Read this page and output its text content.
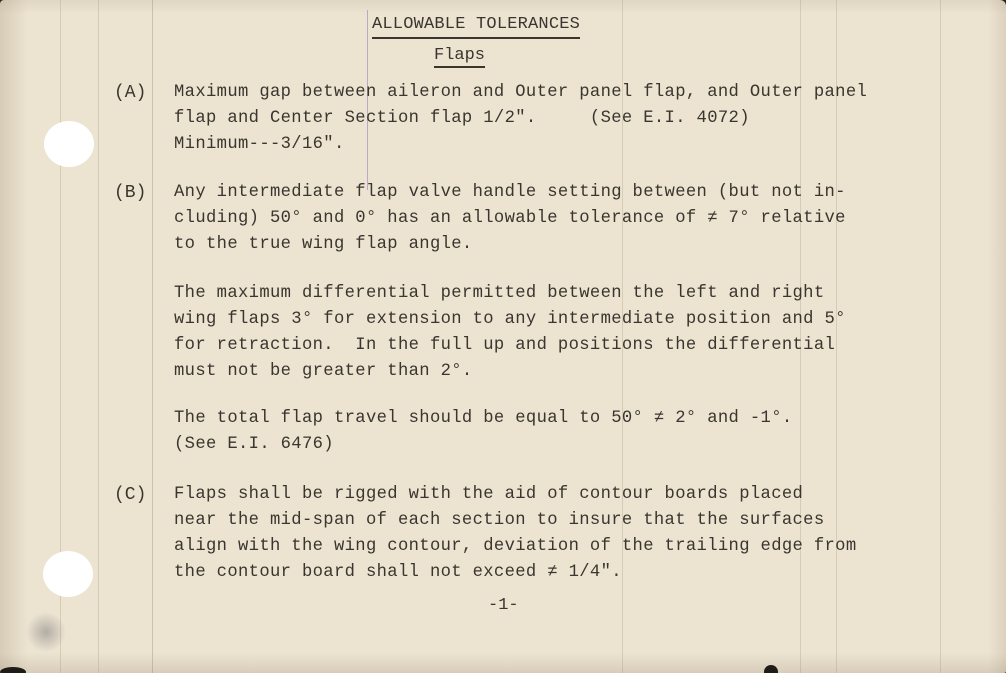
ALLOWABLE TOLERANCES
Flaps
(A) Maximum gap between aileron and Outer panel flap, and Outer panel
flap and Center Section flap 1/2".     (See E.I. 4072)
Minimum---3/16".
(B) Any intermediate flap valve handle setting between (but not in-
cluding) 50° and 0° has an allowable tolerance of ≠ 7° relative
to the true wing flap angle.
The maximum differential permitted between the left and right
wing flaps 3° for extension to any intermediate position and 5°
for retraction.  In the full up and positions the differential
must not be greater than 2°.
The total flap travel should be equal to 50° ≠ 2° and -1°.
(See E.I. 6476)
(C) Flaps shall be rigged with the aid of contour boards placed
near the mid-span of each section to insure that the surfaces
align with the wing contour, deviation of the trailing edge from
the contour board shall not exceed ≠ 1/4".
-1-
